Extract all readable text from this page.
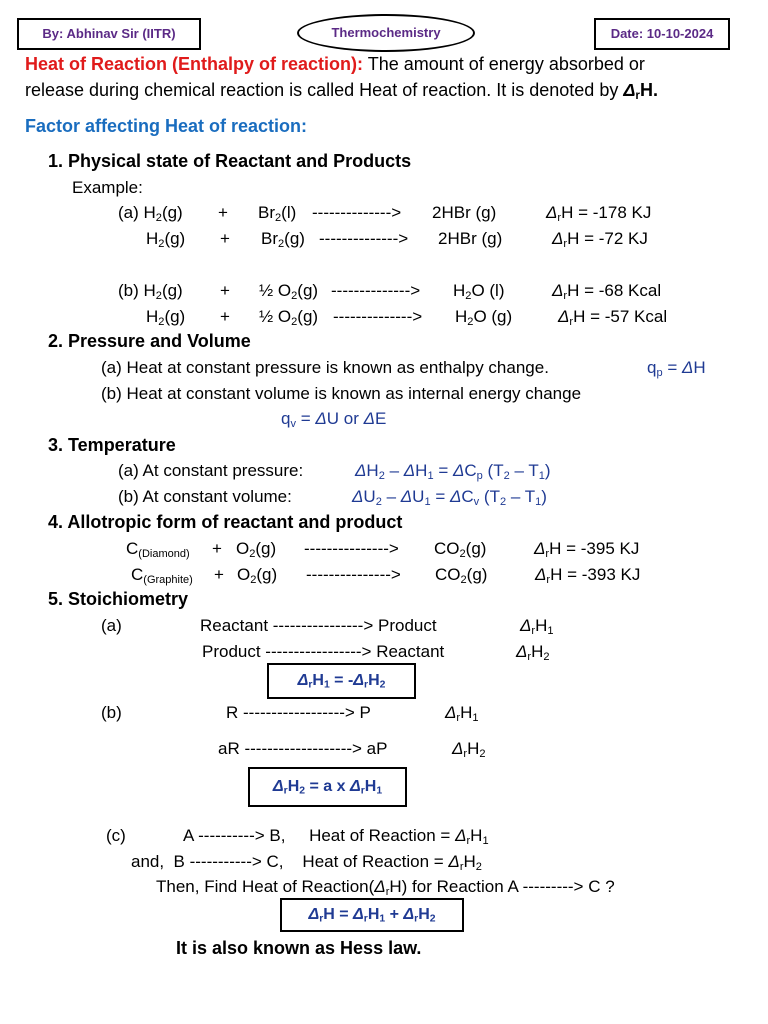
By: Abhinav Sir (IITR)	Thermochemistry	Date: 10-10-2024
Heat of Reaction (Enthalpy of reaction): The amount of energy absorbed or
release during chemical reaction is called Heat of reaction. It is denoted by $\Delta_rH$.
Factor affecting Heat of reaction:
1. Physical state of Reactant and Products
Example:
(a) $H_2(g) + Br_2(l)$ --------------> 2HBr (g)	$\Delta_rH = -178$ KJ
$H_2(g) + Br_2(g)$ --------------> 2HBr (g)	$\Delta_rH = -72$ KJ
(b) $H_2(g)$ + ½ $O_2(g)$ --------------> $H_2O$ (l)	$\Delta_rH = -68$ Kcal
$H_2(g)$ + ½ $O_2(g)$ --------------> $H_2O$ (g)	$\Delta_rH = -57$ Kcal
2. Pressure and Volume
(a) Heat at constant pressure is known as enthalpy change.	$q_p = \Delta H$
(b) Heat at constant volume is known as internal energy change
$q_v = \Delta U$ or ΔE
3. Temperature
(a) At constant pressure:	$\Delta H_2 - \Delta H_1 = \Delta C_p$ $(T_2 - T_1)$
(b) At constant volume:	$\Delta U_2 - \Delta U_1 = \Delta C_v$ $(T_2 - T_1)$
4. Allotropic form of reactant and product
$C_{(Diamond)} + O_2(g)$ ---------------> $CO_2(g)$	$\Delta_rH = -395$ KJ
$C_{(Graphite)} + O_2(g)$ ---------------> $CO_2(g)$	$\Delta_rH = -393$ KJ
5. Stoichiometry
(a)	Reactant ----------------> Product	$\Delta_rH_1$
Product -----------------> Reactant	$\Delta_rH_2$
$\Delta_rH_1 = -\Delta_rH_2$
(b)	R ------------------> P	$\Delta_rH_1$
aR -------------------> aP	$\Delta_rH_2$
$\Delta_rH_2 = a$ x $\Delta_rH_1$
(c)	A ----------> B,     Heat of Reaction = $\Delta_rH_1$
and,  B -----------> C,    Heat of Reaction = $\Delta_rH_2$
Then, Find Heat of $Reaction(\Delta_rH)$ for Reaction A ---------> C ?
$\Delta_rH = \Delta_rH_1 + \Delta_rH_2$
It is also known as Hess law.
